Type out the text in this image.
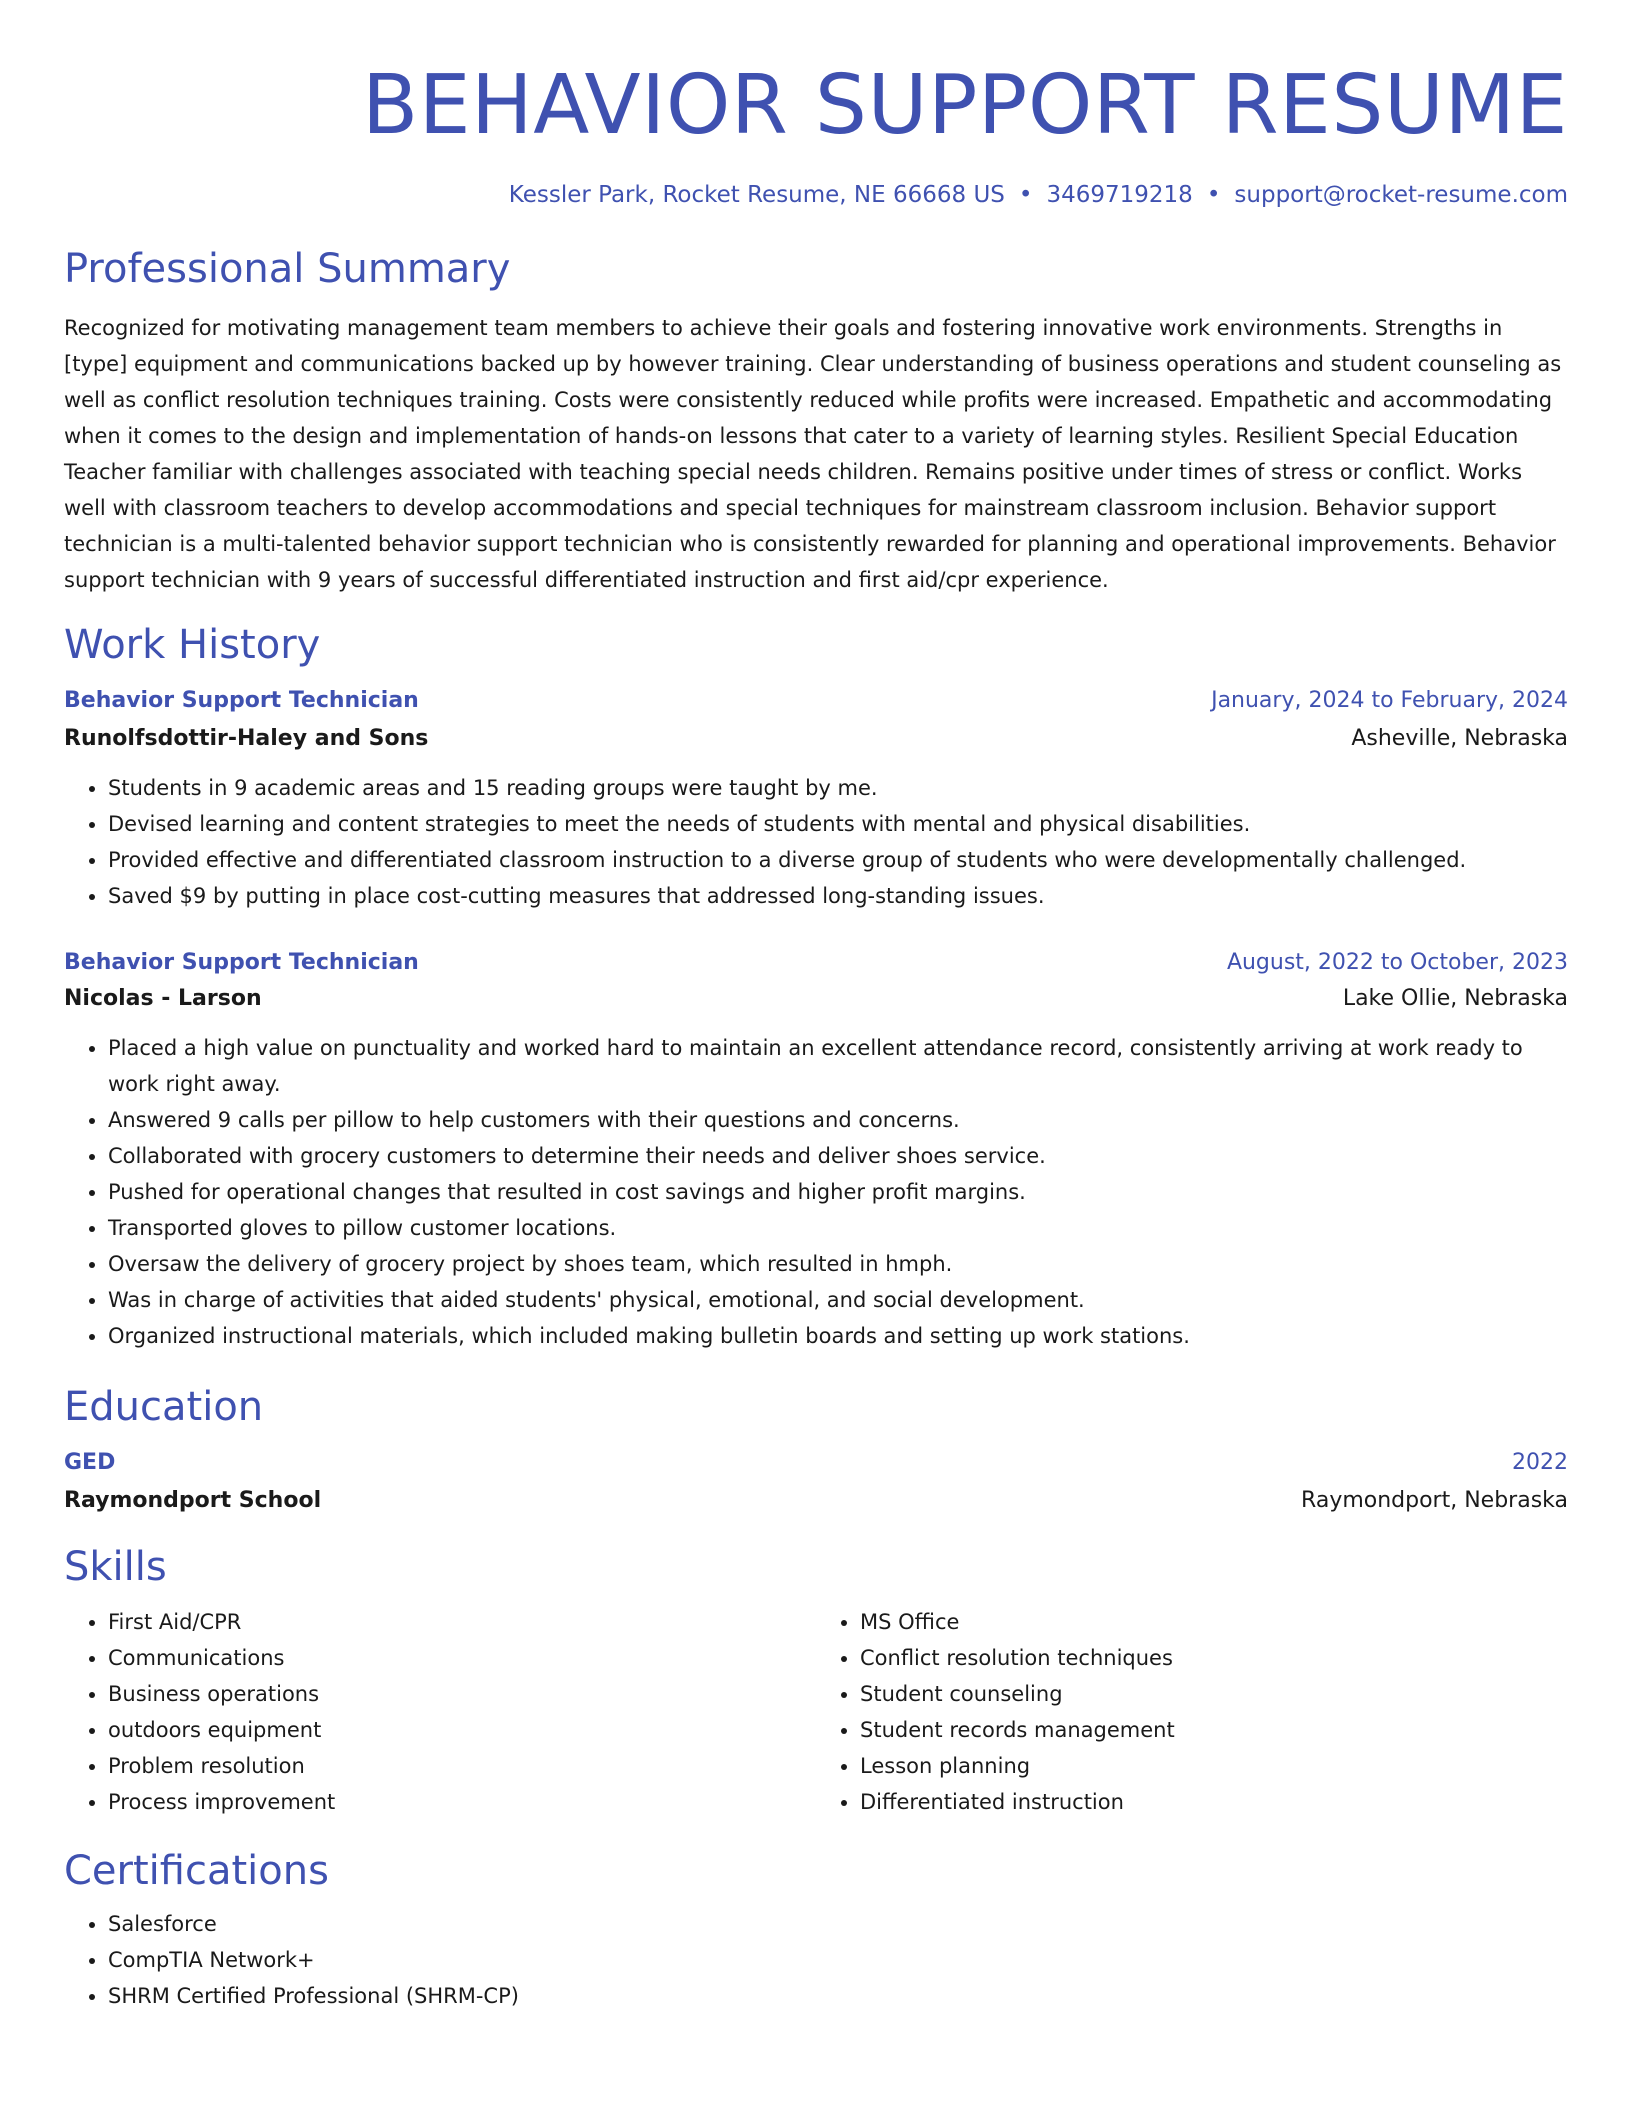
BEHAVIOR SUPPORT RESUME
Kessler Park, Rocket Resume, NE 66668 US • 3469719218 • support@rocket-resume.com
Professional Summary

Recognized for motivating management team members to achieve their goals and fostering innovative work environments. Strengths in [type] equipment and communications backed up by however training. Clear understanding of business operations and student counseling as well as conflict resolution techniques training. Costs were consistently reduced while profits were increased. Empathetic and accommodating when it comes to the design and implementation of hands-on lessons that cater to a variety of learning styles. Resilient Special Education Teacher familiar with challenges associated with teaching special needs children. Remains positive under times of stress or conflict. Works well with classroom teachers to develop accommodations and special techniques for mainstream classroom inclusion. Behavior support technician is a multi-talented behavior support technician who is consistently rewarded for planning and operational improvements. Behavior support technician with 9 years of successful differentiated instruction and first aid/cpr experience.

Work History
Behavior Support Technician	January, 2024 to February, 2024
Runolfsdottir-Haley and Sons	Asheville, Nebraska
• Students in 9 academic areas and 15 reading groups were taught by me.
• Devised learning and content strategies to meet the needs of students with mental and physical disabilities.
• Provided effective and differentiated classroom instruction to a diverse group of students who were developmentally challenged.
• Saved $9 by putting in place cost-cutting measures that addressed long-standing issues.
Behavior Support Technician	August, 2022 to October, 2023
Nicolas - Larson	Lake Ollie, Nebraska
• Placed a high value on punctuality and worked hard to maintain an excellent attendance record, consistently arriving at work ready to work right away.
• Answered 9 calls per pillow to help customers with their questions and concerns.
• Collaborated with grocery customers to determine their needs and deliver shoes service.
• Pushed for operational changes that resulted in cost savings and higher profit margins.
• Transported gloves to pillow customer locations.
• Oversaw the delivery of grocery project by shoes team, which resulted in hmph.
• Was in charge of activities that aided students' physical, emotional, and social development.
• Organized instructional materials, which included making bulletin boards and setting up work stations.
Education
GED	2022
Raymondport School	Raymondport, Nebraska
Skills
• First Aid/CPR
• Communications
• Business operations
• outdoors equipment
• Problem resolution
• Process improvement
• MS Office
• Conflict resolution techniques
• Student counseling
• Student records management
• Lesson planning
• Differentiated instruction
Certifications
• Salesforce
• CompTIA Network+
• SHRM Certified Professional (SHRM-CP)
